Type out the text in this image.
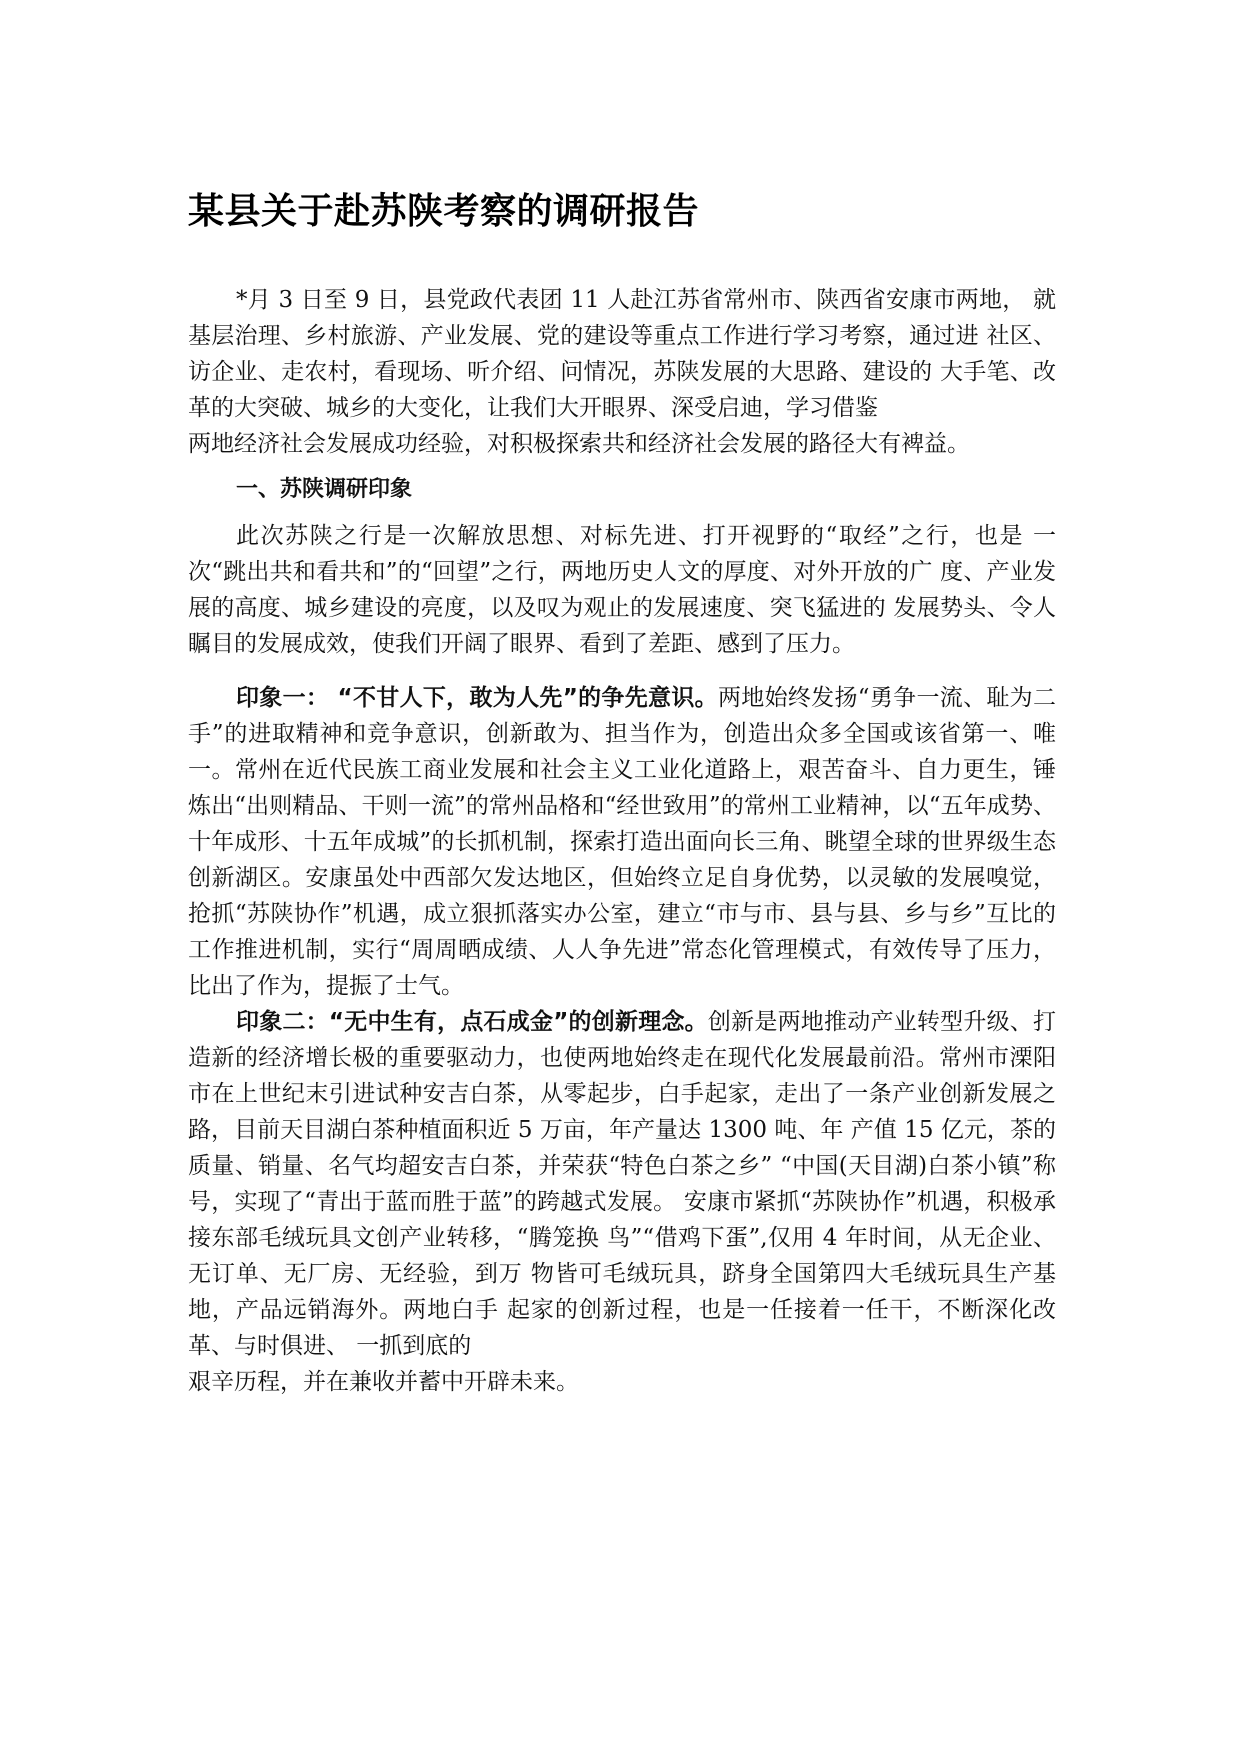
某县关于赴苏陕考察的调研报告

*月 3 日至 9 日，县党政代表团 11 人赴江苏省常州市、陕西省安康市两地， 就基层治理、乡村旅游、产业发展、党的建设等重点工作进行学习考察，通过进 社区、访企业、走农村，看现场、听介绍、问情况，苏陕发展的大思路、建设的 大手笔、改革的大突破、城乡的大变化，让我们大开眼界、深受启迪，学习借鉴

两地经济社会发展成功经验，对积极探索共和经济社会发展的路径大有裨益。

一、苏陕调研印象

此次苏陕之行是一次解放思想、对标先进、打开视野的“取经”之行，也是 一次“跳出共和看共和”的“回望”之行，两地历史人文的厚度、对外开放的广 度、产业发展的高度、城乡建设的亮度，以及叹为观止的发展速度、突飞猛进的 发展势头、令人瞩目的发展成效，使我们开阔了眼界、看到了差距、感到了压力。

印象一： “不甘人下，敢为人先”的争先意识。两地始终发扬“勇争一流、耻为二手”的进取精神和竞争意识，创新敢为、担当作为，创造出众多全国或该省第一、唯一。常州在近代民族工商业发展和社会主义工业化道路上，艰苦奋斗、自力更生，锤炼出“出则精品、干则一流”的常州品格和“经世致用”的常州工业精神，以“五年成势、十年成形、十五年成城”的长抓机制，探索打造出面向长三角、眺望全球的世界级生态创新湖区。安康虽处中西部欠发达地区，但始终立足自身优势，以灵敏的发展嗅觉，抢抓“苏陕协作”机遇，成立狠抓落实办公室，建立“市与市、县与县、乡与乡”互比的工作推进机制，实行“周周晒成绩、人人争先进”常态化管理模式，有效传导了压力，比出了作为，提振了士气。

印象二：“无中生有，点石成金”的创新理念。创新是两地推动产业转型升级、打造新的经济增长极的重要驱动力，也使两地始终走在现代化发展最前沿。常州市溧阳市在上世纪末引进试种安吉白茶，从零起步，白手起家，走出了一条产业创新发展之路，目前天目湖白茶种植面积近 5 万亩，年产量达 1300 吨、年 产值 15 亿元，茶的质量、销量、名气均超安吉白茶，并荣获“特色白茶之乡” “中国(天目湖)白茶小镇”称号，实现了“青出于蓝而胜于蓝”的跨越式发展。 安康市紧抓“苏陕协作”机遇，积极承接东部毛绒玩具文创产业转移，“腾笼换 鸟”“借鸡下蛋”,仅用 4 年时间，从无企业、无订单、无厂房、无经验，到万 物皆可毛绒玩具，跻身全国第四大毛绒玩具生产基地，产品远销海外。两地白手 起家的创新过程，也是一任接着一任干，不断深化改革、与时俱进、 一抓到底的

艰辛历程，并在兼收并蓄中开辟未来。
